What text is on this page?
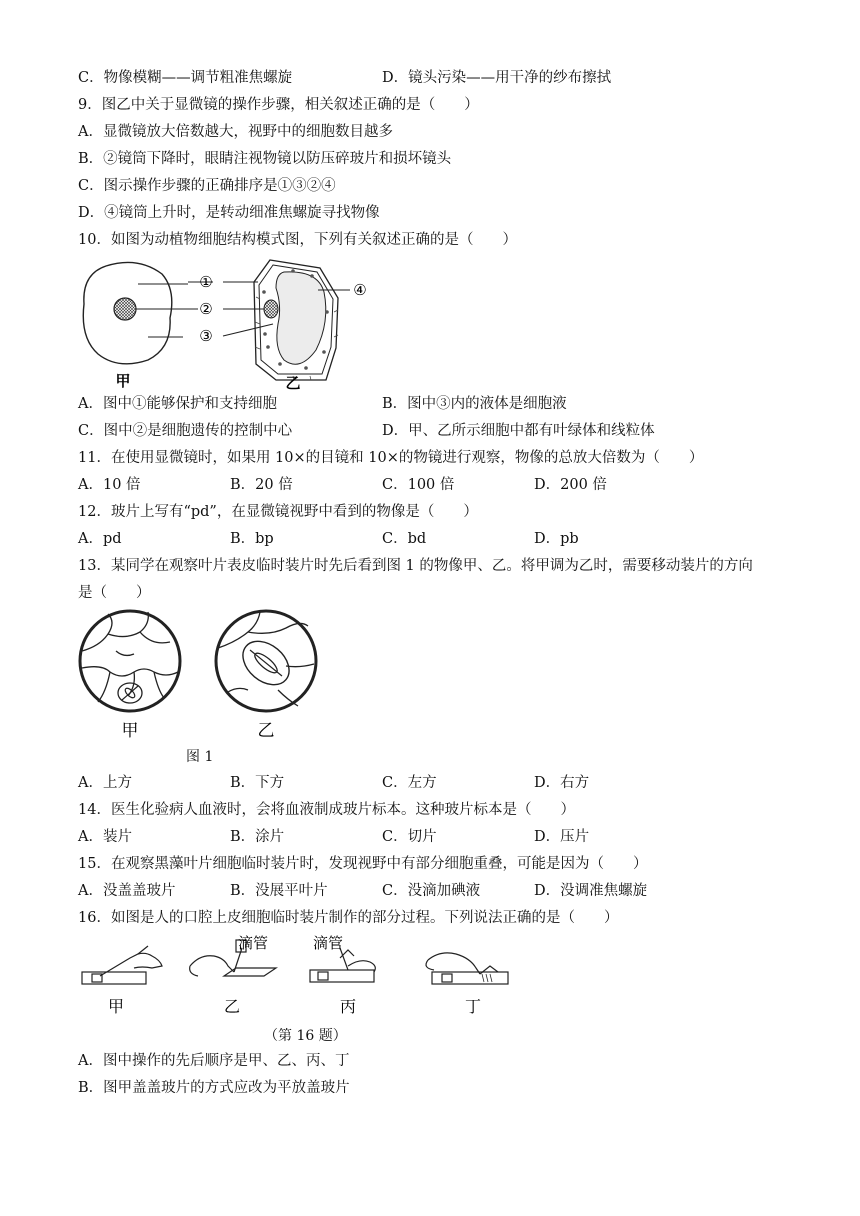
C．物像模糊——调节粗准焦螺旋	D．镜头污染——用干净的纱布擦拭
9．图乙中关于显微镜的操作步骤，相关叙述正确的是（　　）
A．显微镜放大倍数越大，视野中的细胞数目越多
B．②镜筒下降时，眼睛注视物镜以防压碎玻片和损坏镜头
C．图示操作步骤的正确排序是①③②④
D．④镜筒上升时，是转动细准焦螺旋寻找物像
10．如图为动植物细胞结构模式图，下列有关叙述正确的是（　　）
①
②
③
④
甲	乙
A．图中①能够保护和支持细胞	B．图中③内的液体是细胞液
C．图中②是细胞遗传的控制中心	D．甲、乙所示细胞中都有叶绿体和线粒体
11．在使用显微镜时，如果用 10×的目镜和 10×的物镜进行观察，物像的总放大倍数为（　　）
A．10 倍	B．20 倍	C．100 倍	D．200 倍
12．玻片上写有“pd”，在显微镜视野中看到的物像是（　　）
A．pd	B．bp	C．bd	D．pb
13．某同学在观察叶片表皮临时装片时先后看到图 1 的物像甲、乙。将甲调为乙时，需要移动装片的方向
是（　　）
甲	乙
图 1
A．上方	B．下方	C．左方	D．右方
14．医生化验病人血液时，会将血液制成玻片标本。这种玻片标本是（　　）
A．装片	B．涂片	C．切片	D．压片
15．在观察黑藻叶片细胞临时装片时，发现视野中有部分细胞重叠，可能是因为（　　）
A．没盖盖玻片	B．没展平叶片	C．没滴加碘液	D．没调准焦螺旋
16．如图是人的口腔上皮细胞临时装片制作的部分过程。下列说法正确的是（　　）
甲
滴管
乙
滴管
丙	丁
（第 16 题）
A．图中操作的先后顺序是甲、乙、丙、丁
B．图甲盖盖玻片的方式应改为平放盖玻片
